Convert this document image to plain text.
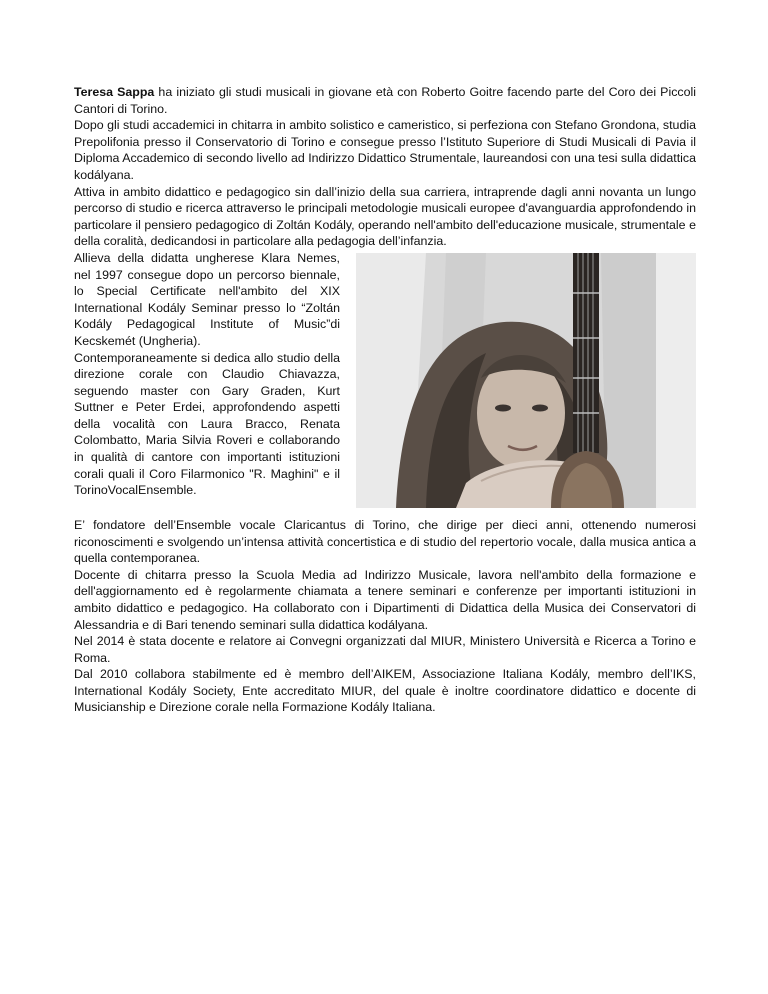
Teresa Sappa ha iniziato gli studi musicali in giovane età con Roberto Goitre facendo parte del Coro dei Piccoli Cantori di Torino.

Dopo gli studi accademici in chitarra in ambito solistico e cameristico, si perfeziona con Stefano Grondona, studia Prepolifonia presso il Conservatorio di Torino e consegue presso l’Istituto Superiore di Studi Musicali di Pavia il Diploma Accademico di secondo livello ad Indirizzo Didattico Strumentale, laureandosi con una tesi sulla didattica kodályana.

Attiva in ambito didattico e pedagogico sin dall’inizio della sua carriera, intraprende dagli anni novanta un lungo percorso di studio e ricerca attraverso le principali metodologie musicali europee d'avanguardia approfondendo in particolare il pensiero pedagogico di Zoltán Kodály, operando nell'ambito dell'educazione musicale, strumentale e della coralità, dedicandosi in particolare alla pedagogia dell’infanzia.

Allieva della didatta ungherese Klara Nemes, nel 1997 consegue dopo un percorso biennale, lo Special Certificate nell'ambito del XIX International Kodály Seminar presso lo “Zoltán Kodály Pedagogical Institute of Music”di Kecskemét (Ungheria).

Contemporaneamente si dedica allo studio della direzione corale con Claudio Chiavazza, seguendo master con Gary Graden, Kurt Suttner e Peter Erdei, approfondendo aspetti della vocalità con Laura Bracco, Renata Colombatto, Maria Silvia Roveri e collaborando in qualità di cantore con importanti istituzioni corali quali il Coro Filarmonico "R. Maghini" e il TorinoVocalEnsemble.

E’ fondatore dell’Ensemble vocale Claricantus di Torino, che dirige per dieci anni, ottenendo numerosi riconoscimenti e svolgendo un’intensa attività concertistica e di studio del repertorio vocale, dalla musica antica a quella contemporanea.

Docente di chitarra presso la Scuola Media ad Indirizzo Musicale, lavora nell'ambito della formazione e dell'aggiornamento ed è regolarmente chiamata a tenere seminari e conferenze per importanti istituzioni in ambito didattico e pedagogico. Ha collaborato con i Dipartimenti di Didattica della Musica dei Conservatori di Alessandria e di Bari tenendo seminari sulla didattica kodályana.

Nel 2014 è stata docente e relatore ai Convegni organizzati dal MIUR, Ministero Università e Ricerca a Torino e Roma.

Dal 2010 collabora stabilmente ed è membro dell’AIKEM, Associazione Italiana Kodály, membro dell’IKS, International Kodály Society, Ente accreditato MIUR, del quale è inoltre coordinatore didattico e docente di Musicianship e Direzione corale nella Formazione Kodály Italiana.
